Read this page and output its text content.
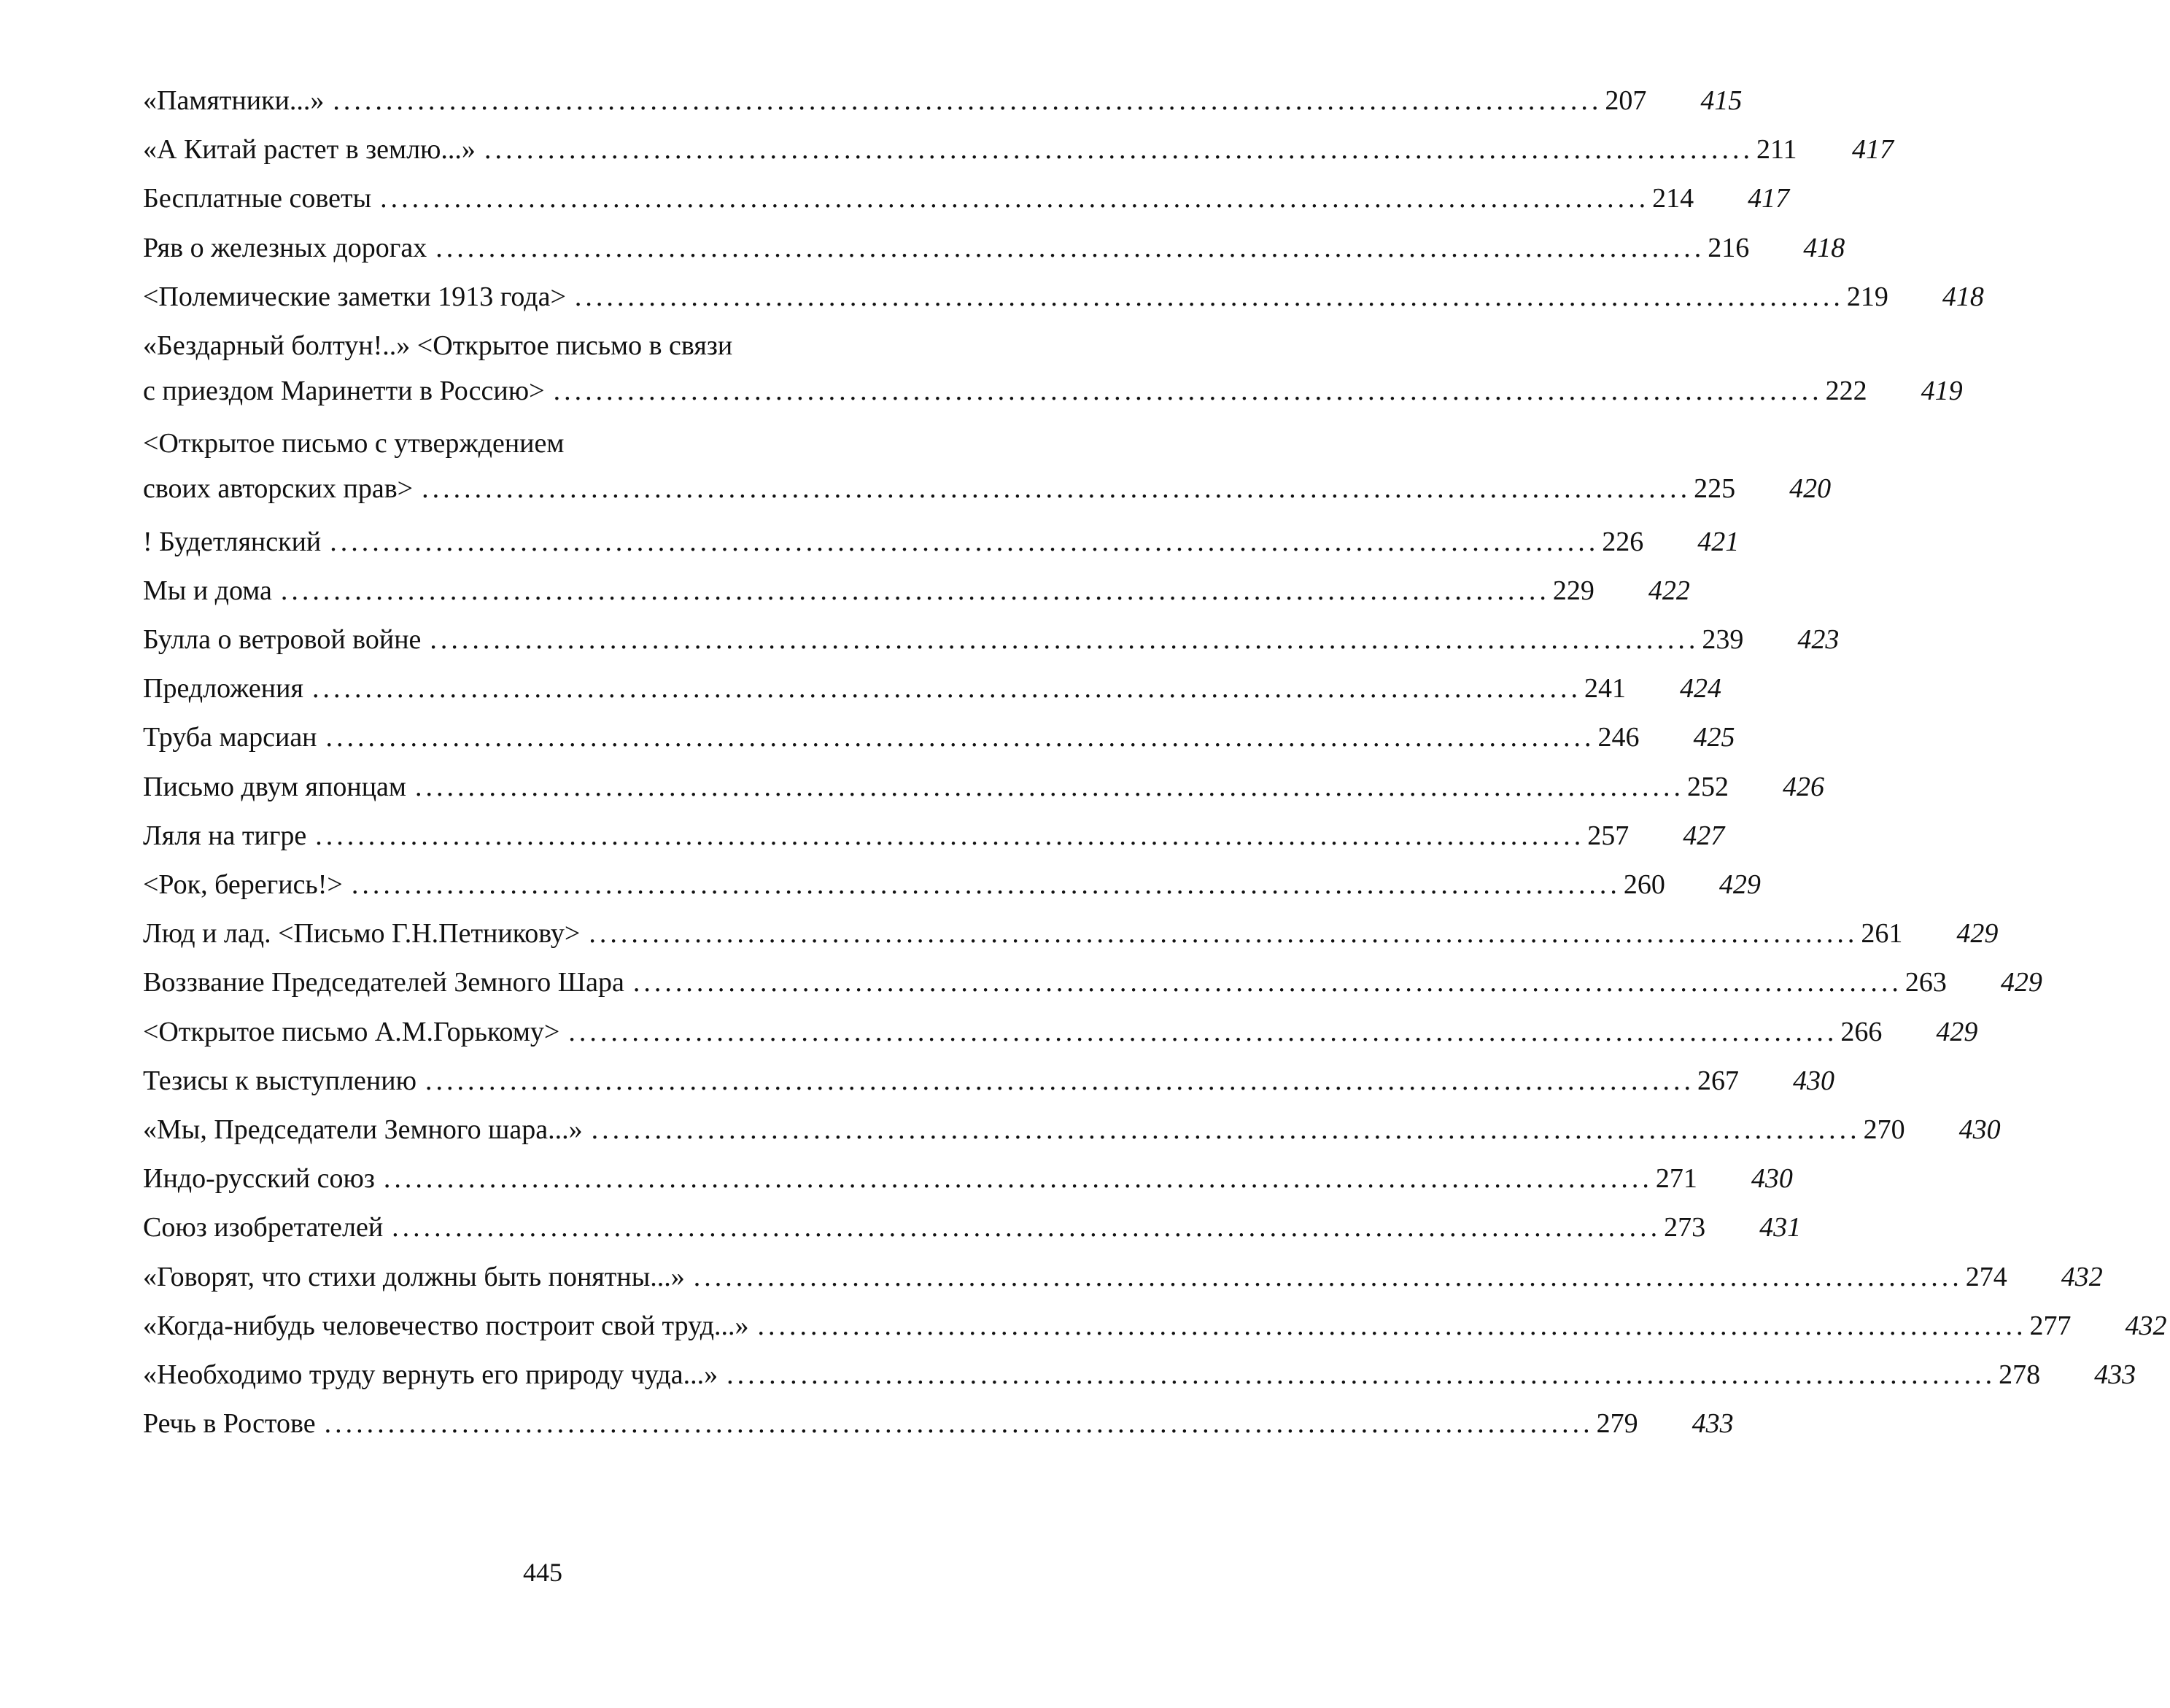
«Памятники...» ........................................................................................................................ 207	415
«А Китай растет в землю...» ........................................................................................................................ 211	417
Бесплатные советы ........................................................................................................................ 214	417
Ряв о железных дорогах ........................................................................................................................ 216	418
<Полемические заметки 1913 года> ........................................................................................................................ 219	418
«Бездарный болтун!..» <Открытое письмо в связи
с приездом Маринетти в Россию> ........................................................................................................................ 222	419
<Открытое письмо с утверждением
своих авторских прав> ........................................................................................................................ 225	420
! Будетлянский ........................................................................................................................ 226	421
Мы и дома ........................................................................................................................ 229	422
Булла о ветровой войне ........................................................................................................................ 239	423
Предложения ........................................................................................................................ 241	424
Труба марсиан ........................................................................................................................ 246	425
Письмо двум японцам ........................................................................................................................ 252	426
Ляля на тигре ........................................................................................................................ 257	427
<Рок, берегись!> ........................................................................................................................ 260	429
Люд и лад. <Письмо Г.Н.Петникову> ........................................................................................................................ 261	429
Воззвание Председателей Земного Шара ........................................................................................................................ 263	429
<Открытое письмо А.М.Горькому> ........................................................................................................................ 266	429
Тезисы к выступлению ........................................................................................................................ 267	430
«Мы, Председатели Земного шара...» ........................................................................................................................ 270	430
Индо-русский союз ........................................................................................................................ 271	430
Союз изобретателей ........................................................................................................................ 273	431
«Говорят, что стихи должны быть понятны...» ........................................................................................................................ 274	432
«Когда-нибудь человечество построит свой труд...» ........................................................................................................................ 277	432
«Необходимо труду вернуть его природу чуда...» ........................................................................................................................ 278	433
Речь в Ростове ........................................................................................................................ 279	433
445
